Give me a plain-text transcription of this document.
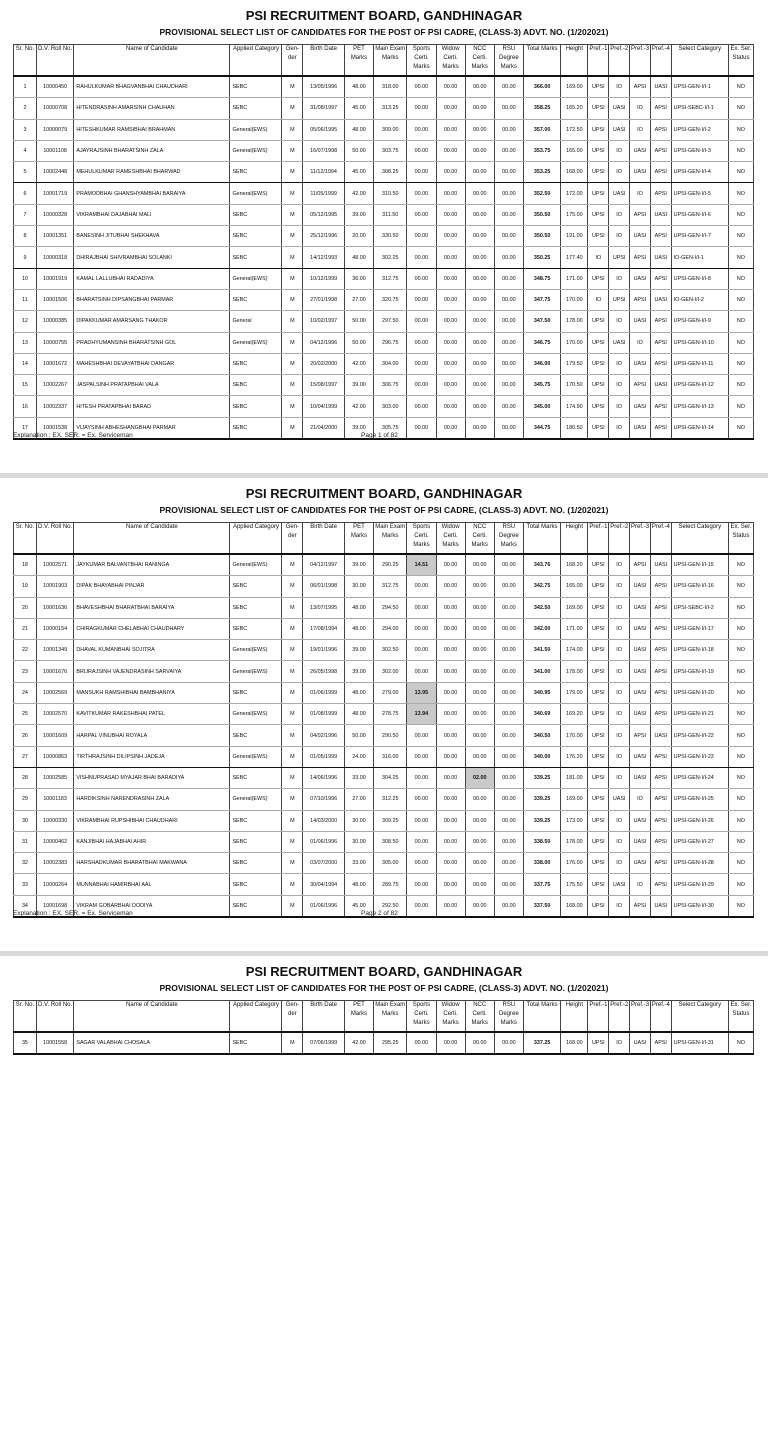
PSI RECRUITMENT BOARD, GANDHINAGAR
PROVISIONAL SELECT LIST OF CANDIDATES FOR THE POST OF PSI CADRE, (CLASS-3) ADVT. NO. (1/202021)
Sr. No.	D.V. Roll No.	Name of Candidate	Applied Category	Gen-der	Birth Date	PET Marks	Main Exam Marks	Sports Certi. Marks	Widow Certi. Marks	NCC Certi. Marks	RSU Degree Marks	Total Marks	Height	Pref.-1	Pref.-2	Pref.-3	Pref.-4	Select Category	Ex. Ser. Status
1	10000450	RAHULKUMAR BHAGVANBHAI CHAUDHARI	SEBC	M	13/05/1996	48.00	318.00	00.00	00.00	00.00	00.00	366.00	169.00	UPSI	IO	APSI	UASI	UPSI-GEN-I/I-1	NO
2	10000708	HITENDRASINH AMARSINH CHAUHAN	SEBC	M	31/08/1997	45.00	313.25	00.00	00.00	00.00	00.00	358.25	165.20	UPSI	UASI	IO	APSI	UPSI-SEBC-I/I-1	NO
3	10000079	HITESHKUMAR RAMSIBHAI BRAHMAN	General(EWS)	M	05/06/1995	48.00	309.00	00.00	00.00	00.00	00.00	357.00	172.50	UPSI	UASI	IO	APSI	UPSI-GEN-I/I-2	NO
4	10001108	AJAYRAJSINH BHARATSINH ZALA	General(EWS)	M	16/07/1998	50.00	303.75	00.00	00.00	00.00	00.00	353.75	165.00	UPSI	IO	UASI	APSI	UPSI-GEN-I/I-3	NO
5	10002448	MEHULKUMAR RAMESHBHAI BHARWAD	SEBC	M	11/12/1994	45.00	308.25	00.00	00.00	00.00	00.00	353.25	168.00	UPSI	IO	UASI	APSI	UPSI-GEN-I/I-4	NO
6	10001719	PRAMODBHAI GHANSHYAMBHAI BARAIYA	General(EWS)	M	11/05/1999	42.00	310.50	00.00	00.00	00.00	00.00	352.50	172.00	UPSI	UASI	IO	APSI	UPSI-GEN-I/I-5	NO
7	10000328	VIKRAMBHAI DAJABHAI MALI	SEBC	M	05/12/1995	39.00	311.50	00.00	00.00	00.00	00.00	350.50	175.00	UPSI	IO	APSI	UASI	UPSI-GEN-I/I-6	NO
8	10001351	BANESINH JITUBHAI SHEKHAVA	SEBC	M	25/12/1996	20.00	330.50	00.00	00.00	00.00	00.00	350.50	191.00	UPSI	IO	UASI	APSI	UPSI-GEN-I/I-7	NO
9	10000318	DHIRAJBHAI SHIVRAMBHAI SOLANKI	SEBC	M	14/12/1993	48.00	302.25	00.00	00.00	00.00	00.00	350.25	177.40	IO	UPSI	APSI	UASI	IO-GEN-I/I-1	NO
10	10001919	KAMAL LALLUBHAI RADADIYA	General(EWS)	M	10/12/1999	36.00	312.75	00.00	00.00	00.00	00.00	348.75	171.00	UPSI	IO	UASI	APSI	UPSI-GEN-I/I-8	NO
11	10001506	BHARATSINH DIPSANGBHAI PARMAR	SEBC	M	27/01/1998	27.00	320.75	00.00	00.00	00.00	00.00	347.75	170.00	IO	UPSI	APSI	UASI	IO-GEN-I/I-2	NO
12	10000385	DIPAKKUMAR AMARSANG THAKOR	General	M	10/02/1997	50.00	297.50	00.00	00.00	00.00	00.00	347.50	178.00	UPSI	IO	UASI	APSI	UPSI-GEN-I/I-9	NO
13	10000755	PRADHYUMANSINH BHARATSINH GOL	General(EWS)	M	04/12/1996	50.00	296.75	00.00	00.00	00.00	00.00	346.75	170.00	UPSI	UASI	IO	APSI	UPSI-GEN-I/I-10	NO
14	10001672	MAHESHBHAI DEVAYATBHAI DANGAR	SEBC	M	20/02/2000	42.00	304.00	00.00	00.00	00.00	00.00	346.00	179.50	UPSI	IO	UASI	APSI	UPSI-GEN-I/I-11	NO
15	10002267	JASPALSINH PRATAPBHAI VALA	SEBC	M	15/08/1997	39.00	306.75	00.00	00.00	00.00	00.00	345.75	170.50	UPSI	IO	APSI	UASI	UPSI-GEN-I/I-12	NO
16	10002337	HITESH PRATAPBHAI BARAD	SEBC	M	10/04/1999	42.00	303.00	00.00	00.00	00.00	00.00	345.00	174.90	UPSI	IO	UASI	APSI	UPSI-GEN-I/I-13	NO
17	10001538	VIJAYSINH ABHESHANGBHAI PARMAR	SEBC	M	21/04/2000	39.00	305.75	00.00	00.00	00.00	00.00	344.75	180.50	UPSI	IO	UASI	APSI	UPSI-GEN-I/I-14	NO
Explanation : EX. SER. = Ex. Serviceman	Page 1 of 82
PSI RECRUITMENT BOARD, GANDHINAGAR
PROVISIONAL SELECT LIST OF CANDIDATES FOR THE POST OF PSI CADRE, (CLASS-3) ADVT. NO. (1/202021)
Sr. No.	D.V. Roll No.	Name of Candidate	Applied Category	Gen-der	Birth Date	PET Marks	Main Exam Marks	Sports Certi. Marks	Widow Certi. Marks	NCC Certi. Marks	RSU Degree Marks	Total Marks	Height	Pref.-1	Pref.-2	Pref.-3	Pref.-4	Select Category	Ex. Ser. Status
18	10002571	JAYKUMAR BALVANTBHAI RANINGA	General(EWS)	M	04/12/1997	39.00	290.25	14.51	00.00	00.00	00.00	343.76	168.20	UPSI	IO	APSI	UASI	UPSI-GEN-I/I-15	NO
19	10001903	DIPAK BHAYABHAI PINJAR	SEBC	M	06/01/1998	30.00	312.75	00.00	00.00	00.00	00.00	342.75	165.00	UPSI	IO	UASI	APSI	UPSI-GEN-I/I-16	NO
20	10001636	BHAVESHBHAI BHARATBHAI BARAIYA	SEBC	M	13/07/1995	48.00	294.50	00.00	00.00	00.00	00.00	342.50	169.00	UPSI	IO	UASI	APSI	UPSI-SEBC-I/I-2	NO
21	10000154	CHIRAGKUMAR CHELABHAI CHAUDHARY	SEBC	M	17/08/1994	48.00	294.00	00.00	00.00	00.00	00.00	342.00	171.00	UPSI	IO	UASI	APSI	UPSI-GEN-I/I-17	NO
22	10001349	DHAVAL KUMANBHAI SOJITRA	General(EWS)	M	19/01/1996	39.00	302.50	00.00	00.00	00.00	00.00	341.50	174.00	UPSI	IO	UASI	APSI	UPSI-GEN-I/I-18	NO
23	10001676	BRIJRAJSINH VAJENDRASINH SARVAIYA	General(EWS)	M	26/05/1998	39.00	302.00	00.00	00.00	00.00	00.00	341.00	178.00	UPSI	IO	UASI	APSI	UPSI-GEN-I/I-19	NO
24	10002569	MANSUKH RAMSHIBHAI BAMBHANIYA	SEBC	M	01/06/1999	48.00	279.00	13.95	00.00	00.00	00.00	340.95	179.00	UPSI	IO	UASI	APSI	UPSI-GEN-I/I-20	NO
25	10002570	KAVITKUMAR RAKESHBHAI PATEL	General(EWS)	M	01/08/1999	48.00	278.75	13.94	00.00	00.00	00.00	340.69	169.20	UPSI	IO	UASI	APSI	UPSI-GEN-I/I-21	NO
26	10001609	HARPAL VINUBHAI ROYALA	SEBC	M	04/02/1996	50.00	290.50	00.00	00.00	00.00	00.00	340.50	170.00	UPSI	IO	APSI	UASI	UPSI-GEN-I/I-22	NO
27	10000863	TIRTHRAJSINH DILIPSINH JADEJA	General(EWS)	M	01/05/1999	24.00	316.00	00.00	00.00	00.00	00.00	340.00	176.20	UPSI	IO	UASI	APSI	UPSI-GEN-I/I-23	NO
28	10002585	VISHNUPRASAD MYAJAR BHAI BARADIYA	SEBC	M	14/06/1996	33.00	304.25	00.00	00.00	02.00	00.00	339.25	181.00	UPSI	IO	UASI	APSI	UPSI-GEN-I/I-24	NO
29	10001183	HARDIKSINH NARENDRASINH ZALA	General(EWS)	M	07/10/1996	27.00	312.25	00.00	00.00	00.00	00.00	339.25	169.00	UPSI	UASI	IO	APSI	UPSI-GEN-I/I-25	NO
30	10000330	VIKRAMBHAI RUPSHIBHAI CHAUDHARI	SEBC	M	14/03/2000	30.00	309.25	00.00	00.00	00.00	00.00	339.25	173.00	UPSI	IO	UASI	APSI	UPSI-GEN-I/I-26	NO
31	10000462	KANJIBHAI HAJABHAI AHIR	SEBC	M	01/06/1996	30.00	308.50	00.00	00.00	00.00	00.00	338.50	178.00	UPSI	IO	UASI	APSI	UPSI-GEN-I/I-27	NO
32	10002383	HARSHADKUMAR BHARATBHAI MAKWANA	SEBC	M	03/07/2000	33.00	305.00	00.00	00.00	00.00	00.00	338.00	176.00	UPSI	IO	UASI	APSI	UPSI-GEN-I/I-28	NO
33	10000264	MUNNABHAI HAMIRBHAI AAL	SEBC	M	30/04/1994	48.00	289.75	00.00	00.00	00.00	00.00	337.75	175.50	UPSI	UASI	IO	APSI	UPSI-GEN-I/I-29	NO
34	10001698	VIKRAM GOBARBHAI DODIYA	SEBC	M	01/06/1996	45.00	292.50	00.00	00.00	00.00	00.00	337.50	168.00	UPSI	IO	APSI	UASI	UPSI-GEN-I/I-30	NO
Explanation : EX. SER. = Ex. Serviceman	Page 2 of 82
PSI RECRUITMENT BOARD, GANDHINAGAR
PROVISIONAL SELECT LIST OF CANDIDATES FOR THE POST OF PSI CADRE, (CLASS-3) ADVT. NO. (1/202021)
Sr. No.	D.V. Roll No.	Name of Candidate	Applied Category	Gen-der	Birth Date	PET Marks	Main Exam Marks	Sports Certi. Marks	Widow Certi. Marks	NCC Certi. Marks	RSU Degree Marks	Total Marks	Height	Pref.-1	Pref.-2	Pref.-3	Pref.-4	Select Category	Ex. Ser. Status
35	10001558	SAGAR VALABHAI CHOSALA	SEBC	M	07/06/1999	42.00	295.25	00.00	00.00	00.00	00.00	337.25	168.00	UPSI	IO	UASI	APSI	UPSI-GEN-I/I-31	NO
